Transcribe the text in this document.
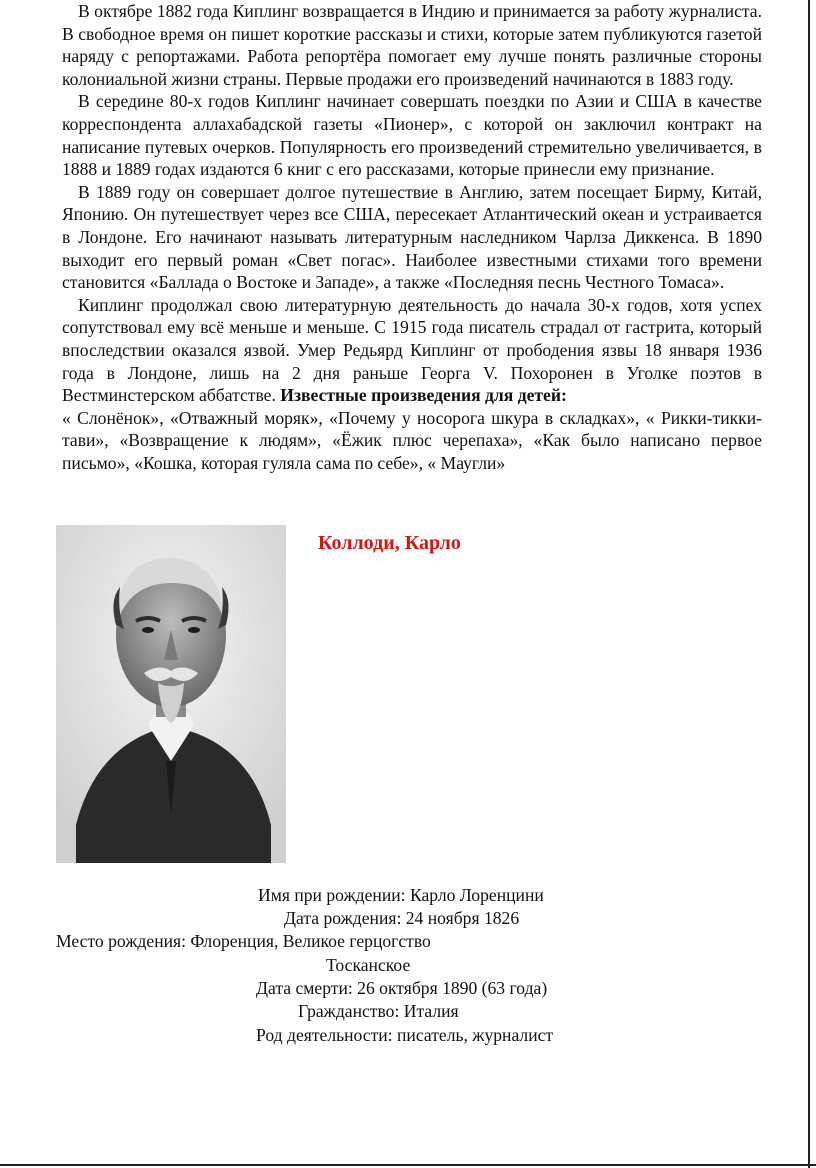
В октябре 1882 года Киплинг возвращается в Индию и принимается за работу журналиста. В свободное время он пишет короткие рассказы и стихи, которые затем публикуются газетой наряду с репортажами. Работа репортёра помогает ему лучше понять различные стороны колониальной жизни страны. Первые продажи его произведений начинаются в 1883 году.

В середине 80-х годов Киплинг начинает совершать поездки по Азии и США в качестве корреспондента аллахабадской газеты «Пионер», с которой он заключил контракт на написание путевых очерков. Популярность его произведений стремительно увеличивается, в 1888 и 1889 годах издаются 6 книг с его рассказами, которые принесли ему признание.

В 1889 году он совершает долгое путешествие в Англию, затем посещает Бирму, Китай, Японию. Он путешествует через все США, пересекает Атлантический океан и устраивается в Лондоне. Его начинают называть литературным наследником Чарлза Диккенса. В 1890 выходит его первый роман «Свет погас». Наиболее известными стихами того времени становится «Баллада о Востоке и Западе», а также «Последняя песнь Честного Томаса».

Киплинг продолжал свою литературную деятельность до начала 30-х годов, хотя успех сопутствовал ему всё меньше и меньше. С 1915 года писатель страдал от гастрита, который впоследствии оказался язвой. Умер Редьярд Киплинг от прободения язвы 18 января 1936 года в Лондоне, лишь на 2 дня раньше Георга V. Похоронен в Уголке поэтов в Вестминстерском аббатстве. Известные произведения для детей:

« Слонёнок», «Отважный моряк», «Почему у носорога шкура в складках», « Рикки-тикки-тави», «Возвращение к людям», «Ёжик плюс черепаха», «Как было написано первое письмо», «Кошка, которая гуляла сама по себе», « Маугли»

Коллоди, Карло
Имя при рождении: Карло Лоренцини
Дата рождения: 24 ноября 1826
Место рождения: Флоренция, Великое герцогство
Тосканское
Дата смерти: 26 октября 1890 (63 года)
Гражданство: Италия
Род деятельности: писатель, журналист
